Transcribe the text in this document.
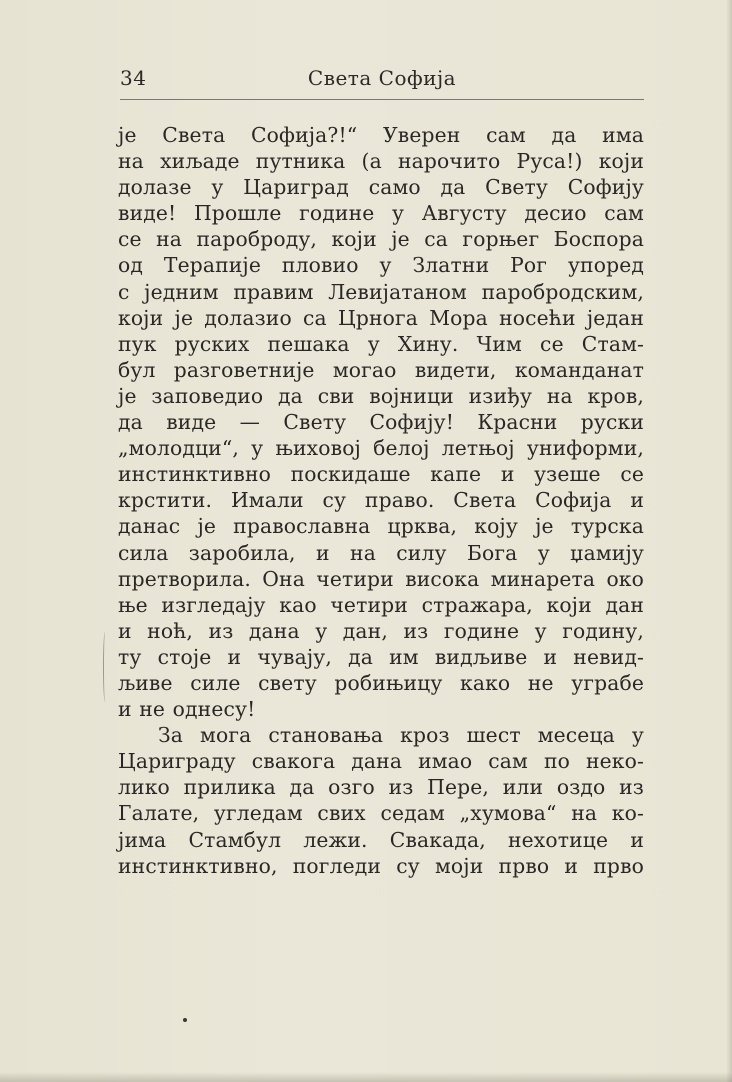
34	Света Софија
је Света Софија?!“ Уверен сам да има
на хиљаде путника (а нарочито Руса!) који
долазе у Цариград само да Свету Софију
виде! Прошле године у Августу десио сам
се на пароброду, који је са горњег Боспора
од Терапије пловио у Златни Рог упоред
с једним правим Левијатаном паробродским,
који је долазио са Црнога Мора носећи један
пук руских пешака у Хину. Чим се Стам-
бул разговетније могао видети, команданат
је заповедио да сви војници изиђу на кров,
да виде — Свету Софију! Красни руски
„молодци“, у њиховој белој летњој униформи,
инстинктивно поскидаше капе и узеше се
крстити. Имали су право. Света Софија и
данас је православна црква, коју је турска
сила заробила, и на силу Бога у џамију
претворила. Она четири висока минарета око
ње изгледају као четири стражара, који дан
и ноћ, из дана у дан, из године у годину,
ту стоје и чувају, да им видљиве и невид-
љиве силе свету робињицу како не уграбе
и не однесу!
За мога становања кроз шест месеца у
Цариграду свакога дана имао сам по неко-
лико прилика да озго из Пере, или оздо из
Галате, угледам свих седам „хумова“ на ко-
јима Стамбул лежи. Свакада, нехотице и
инстинктивно, погледи су моји прво и прво
